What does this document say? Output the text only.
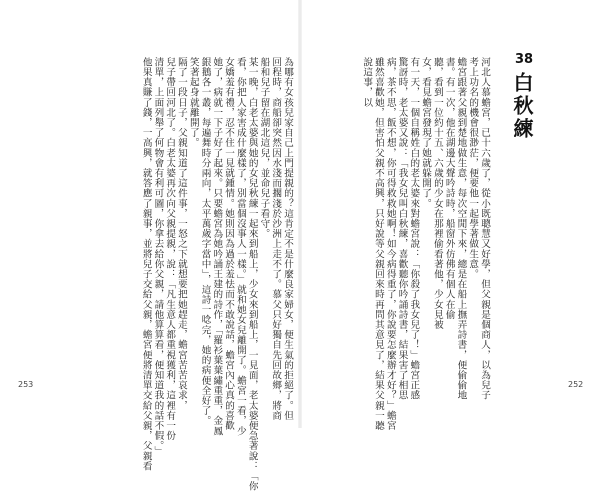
38
白秋練
河北人慕蟾宮，已十六歲了，從小既聰慧又好學，但父親是個商人，以為兒子
考上功名的機會很渺茫，便要他一起學著做生意。
蟾宮跟著父親到楚地做生意，每次空閒下來，總是在船上撫弄詩書，便偷偷地
書。有一次，他在湖邊大聲吟詩時，船窗外仿佛有個人在偷
聽，看到一位約十五、六歲的少女在那裡偷看著他，少女見被
女，看見蟾宮發現了她就躲開了。
有一天，一個自稱姓白的老太婆來對蟾宮說：「你殺了我女兒了！」蟾宮正感
驚訝時，老太婆又說：「我女兒叫白秋練，喜歡聽你吟誦詩書，結果害了相思
病，茶不思，飯不想，你可得救救她啊！如今病得重了，你說要怎麼辦才好？」蟾宮
雖然喜歡她，但害怕父親不高興，只好說等父親回來時再問其意見了，結果父親一聽
說這事，以
為哪有女孩兒家自己上門提親的？這肯定不是什麼良家婦女，便生氣的拒絕了。但
回程時，商船卻突然因水淺而擱淺於沙洲上走不了。慕父只好獨自先回故鄉，將商
船和兒子留在湖北這兒，並命兒子看守。
某一晚，白老太婆與她的女兒秋練一起來到船上，少女來到船上，一見面，老太婆便急著說：「你
看，你把人家害成什麼樣了，別當個沒事人一樣。」就和她女兒離開了。蟾宮一看，少
女嬌羞有禮，忍不住一見就鍾情。她則因為過於羞怯而不敢說話，蟾宮內心真的喜歡
她了，病就一下子好了起來。只要蟾宮為她吟誦王建的詩作，「羅衫葉葉繡重重，金鳳
銀鵝各一叢，每遍舞時分兩向，太平萬歲字當中」，這詩一唸完，她的病便全好了。
笑著起身就離開了。
隔了一段日子，父親知道了這件事，一怒之下就想要把她趕走，蟾宮苦苦哀求，
兒子帶回河北了。白老太婆再次向父親提親，說：「凡生意人都重視獲利，這裡有一份
清單，上面列舉了何物會有利可圖，你拿去給你父親，請他算算看，便知道我的話不假。」
他果真賺了錢，一高興，就答應了親事，並將兒子交給父親，蟾宮便將清單交給父親，父親看
253	252
